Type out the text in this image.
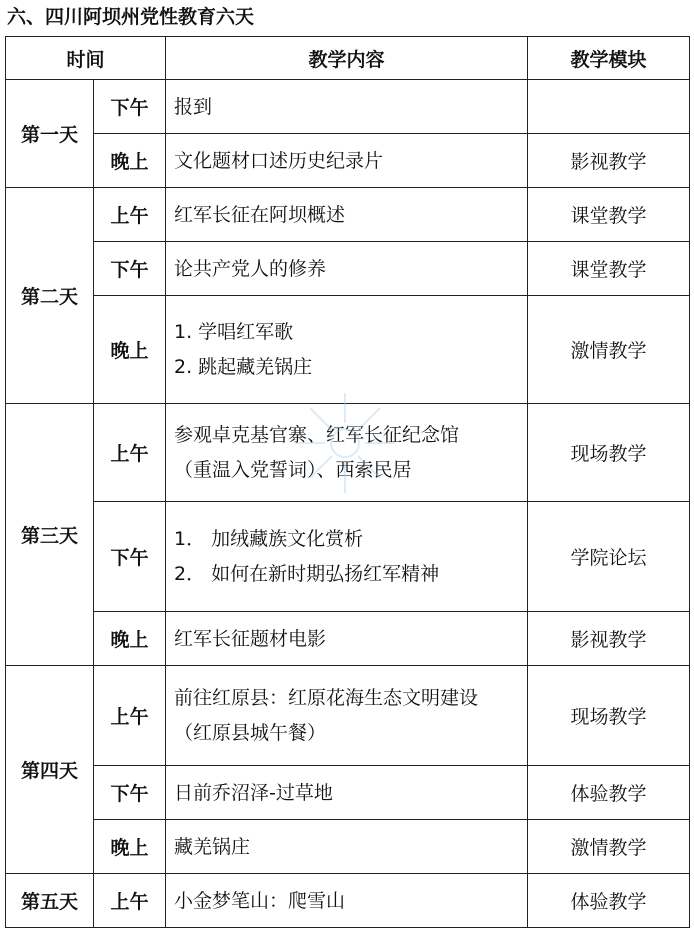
六、四川阿坝州党性教育六天
时间		教学内容	教学模块
第一天	下午	报到	

	晚上	文化题材口述历史纪录片	影视教学
第二天	上午	红军长征在阿坝概述	课堂教学
	下午	论共产党人的修养	课堂教学
	晚上	1. 学唱红军歌
2. 跳起藏羌锅庄	激情教学
第三天	上午	参观卓克基官寨、红军长征纪念馆
（重温入党誓词）、西索民居	现场教学
	下午	1． 加绒藏族文化赏析
2． 如何在新时期弘扬红军精神	学院论坛
	晚上	红军长征题材电影	影视教学
第四天	上午	前往红原县：红原花海生态文明建设
（红原县城午餐）	现场教学
	下午	日前乔沼泽-过草地	体验教学
	晚上	藏羌锅庄	激情教学
第五天	上午	小金梦笔山：爬雪山	体验教学
